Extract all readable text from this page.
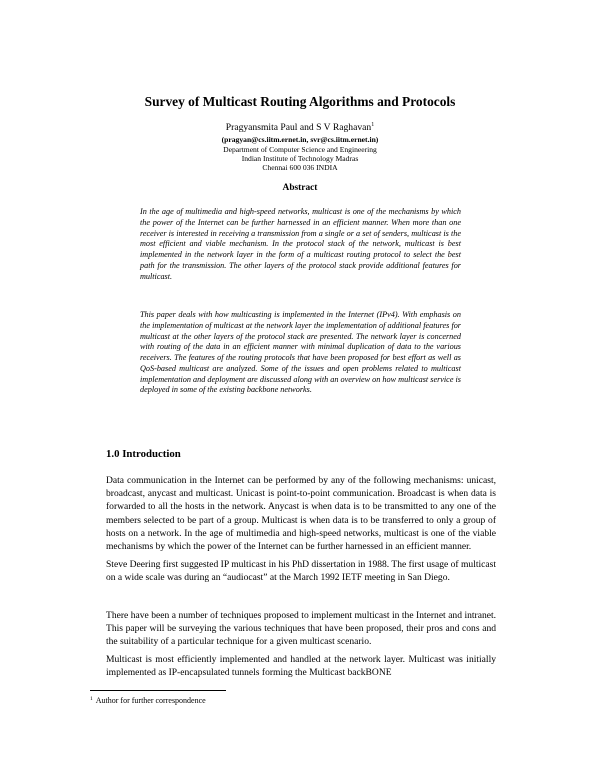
Survey of Multicast Routing Algorithms and Protocols
Pragyansmita Paul and S V Raghavan$^1$
(pragyan@cs.iitm.ernet.in, svr@cs.iitm.ernet.in)
Department of Computer Science and Engineering
Indian Institute of Technology Madras
Chennai 600 036 INDIA
Abstract

In the age of multimedia and high-speed networks, multicast is one of the mechanisms by which the power of the Internet can be further harnessed in an efficient manner. When more than one receiver is interested in receiving a transmission from a single or a set of senders, multicast is the most efficient and viable mechanism. In the protocol stack of the network, multicast is best implemented in the network layer in the form of a multicast routing protocol to select the best path for the transmission. The other layers of the protocol stack provide additional features for multicast.

This paper deals with how multicasting is implemented in the Internet (IPv4). With emphasis on the implementation of multicast at the network layer the implementation of additional features for multicast at the other layers of the protocol stack are presented. The network layer is concerned with routing of the data in an efficient manner with minimal duplication of data to the various receivers. The features of the routing protocols that have been proposed for best effort as well as QoS-based multicast are analyzed. Some of the issues and open problems related to multicast implementation and deployment are discussed along with an overview on how multicast service is deployed in some of the existing backbone networks.

1.0 Introduction

Data communication in the Internet can be performed by any of the following mechanisms: unicast, broadcast, anycast and multicast. Unicast is point-to-point communication. Broadcast is when data is forwarded to all the hosts in the network. Anycast is when data is to be transmitted to any one of the members selected to be part of a group. Multicast is when data is to be transferred to only a group of hosts on a network. In the age of multimedia and high-speed networks, multicast is one of the viable mechanisms by which the power of the Internet can be further harnessed in an efficient manner.

Steve Deering first suggested IP multicast in his PhD dissertation in 1988. The first usage of multicast on a wide scale was during an “audiocast” at the March 1992 IETF meeting in San Diego.

There have been a number of techniques proposed to implement multicast in the Internet and intranet. This paper will be surveying the various techniques that have been proposed, their pros and cons and the suitability of a particular technique for a given multicast scenario.

Multicast is most efficiently implemented and handled at the network layer. Multicast was initially implemented as IP-encapsulated tunnels forming the Multicast backBONE

$^1$ Author for further correspondence
